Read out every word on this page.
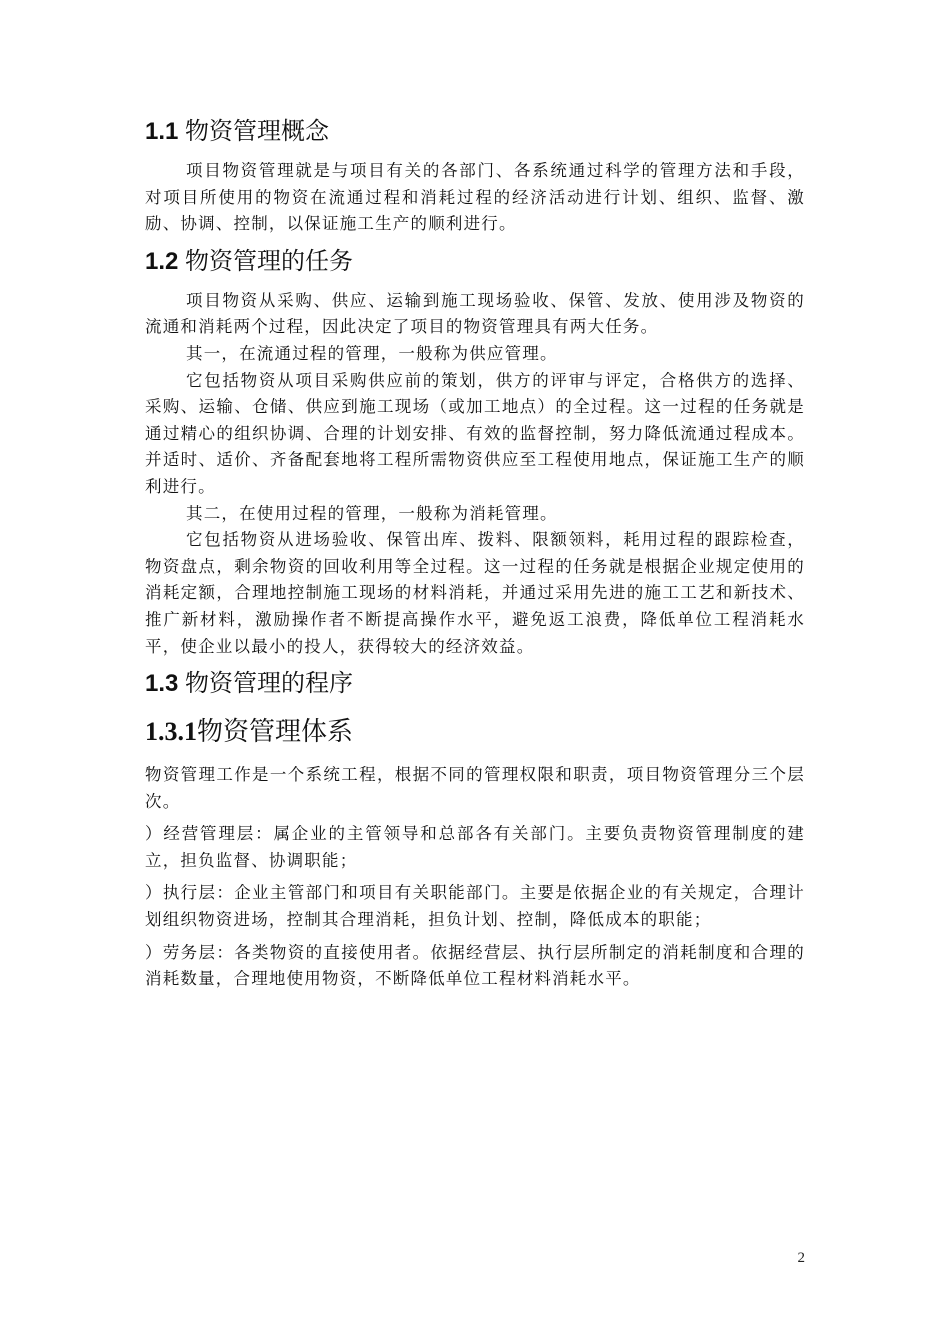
1.1 物资管理概念

项目物资管理就是与项目有关的各部门、各系统通过科学的管理方法和手段，对项目所使用的物资在流通过程和消耗过程的经济活动进行计划、组织、监督、激励、协调、控制，以保证施工生产的顺利进行。

1.2 物资管理的任务

项目物资从采购、供应、运输到施工现场验收、保管、发放、使用涉及物资的流通和消耗两个过程，因此决定了项目的物资管理具有两大任务。

其一，在流通过程的管理，一般称为供应管理。

它包括物资从项目采购供应前的策划，供方的评审与评定，合格供方的选择、采购、运输、仓储、供应到施工现场（或加工地点）的全过程。这一过程的任务就是通过精心的组织协调、合理的计划安排、有效的监督控制，努力降低流通过程成本。并适时、适价、齐备配套地将工程所需物资供应至工程使用地点，保证施工生产的顺利进行。

其二，在使用过程的管理，一般称为消耗管理。

它包括物资从进场验收、保管出库、拨料、限额领料，耗用过程的跟踪检查，物资盘点，剩余物资的回收利用等全过程。这一过程的任务就是根据企业规定使用的消耗定额，合理地控制施工现场的材料消耗，并通过采用先进的施工工艺和新技术、推广新材料，激励操作者不断提高操作水平，避免返工浪费，降低单位工程消耗水平，使企业以最小的投人，获得较大的经济效益。

1.3 物资管理的程序
1.3.1物资管理体系

物资管理工作是一个系统工程，根据不同的管理权限和职责，项目物资管理分三个层次。

）经营管理层：属企业的主管领导和总部各有关部门。主要负责物资管理制度的建立，担负监督、协调职能；

）执行层：企业主管部门和项目有关职能部门。主要是依据企业的有关规定，合理计划组织物资进场，控制其合理消耗，担负计划、控制，降低成本的职能；

）劳务层：各类物资的直接使用者。依据经营层、执行层所制定的消耗制度和合理的消耗数量，合理地使用物资，不断降低单位工程材料消耗水平。

2
